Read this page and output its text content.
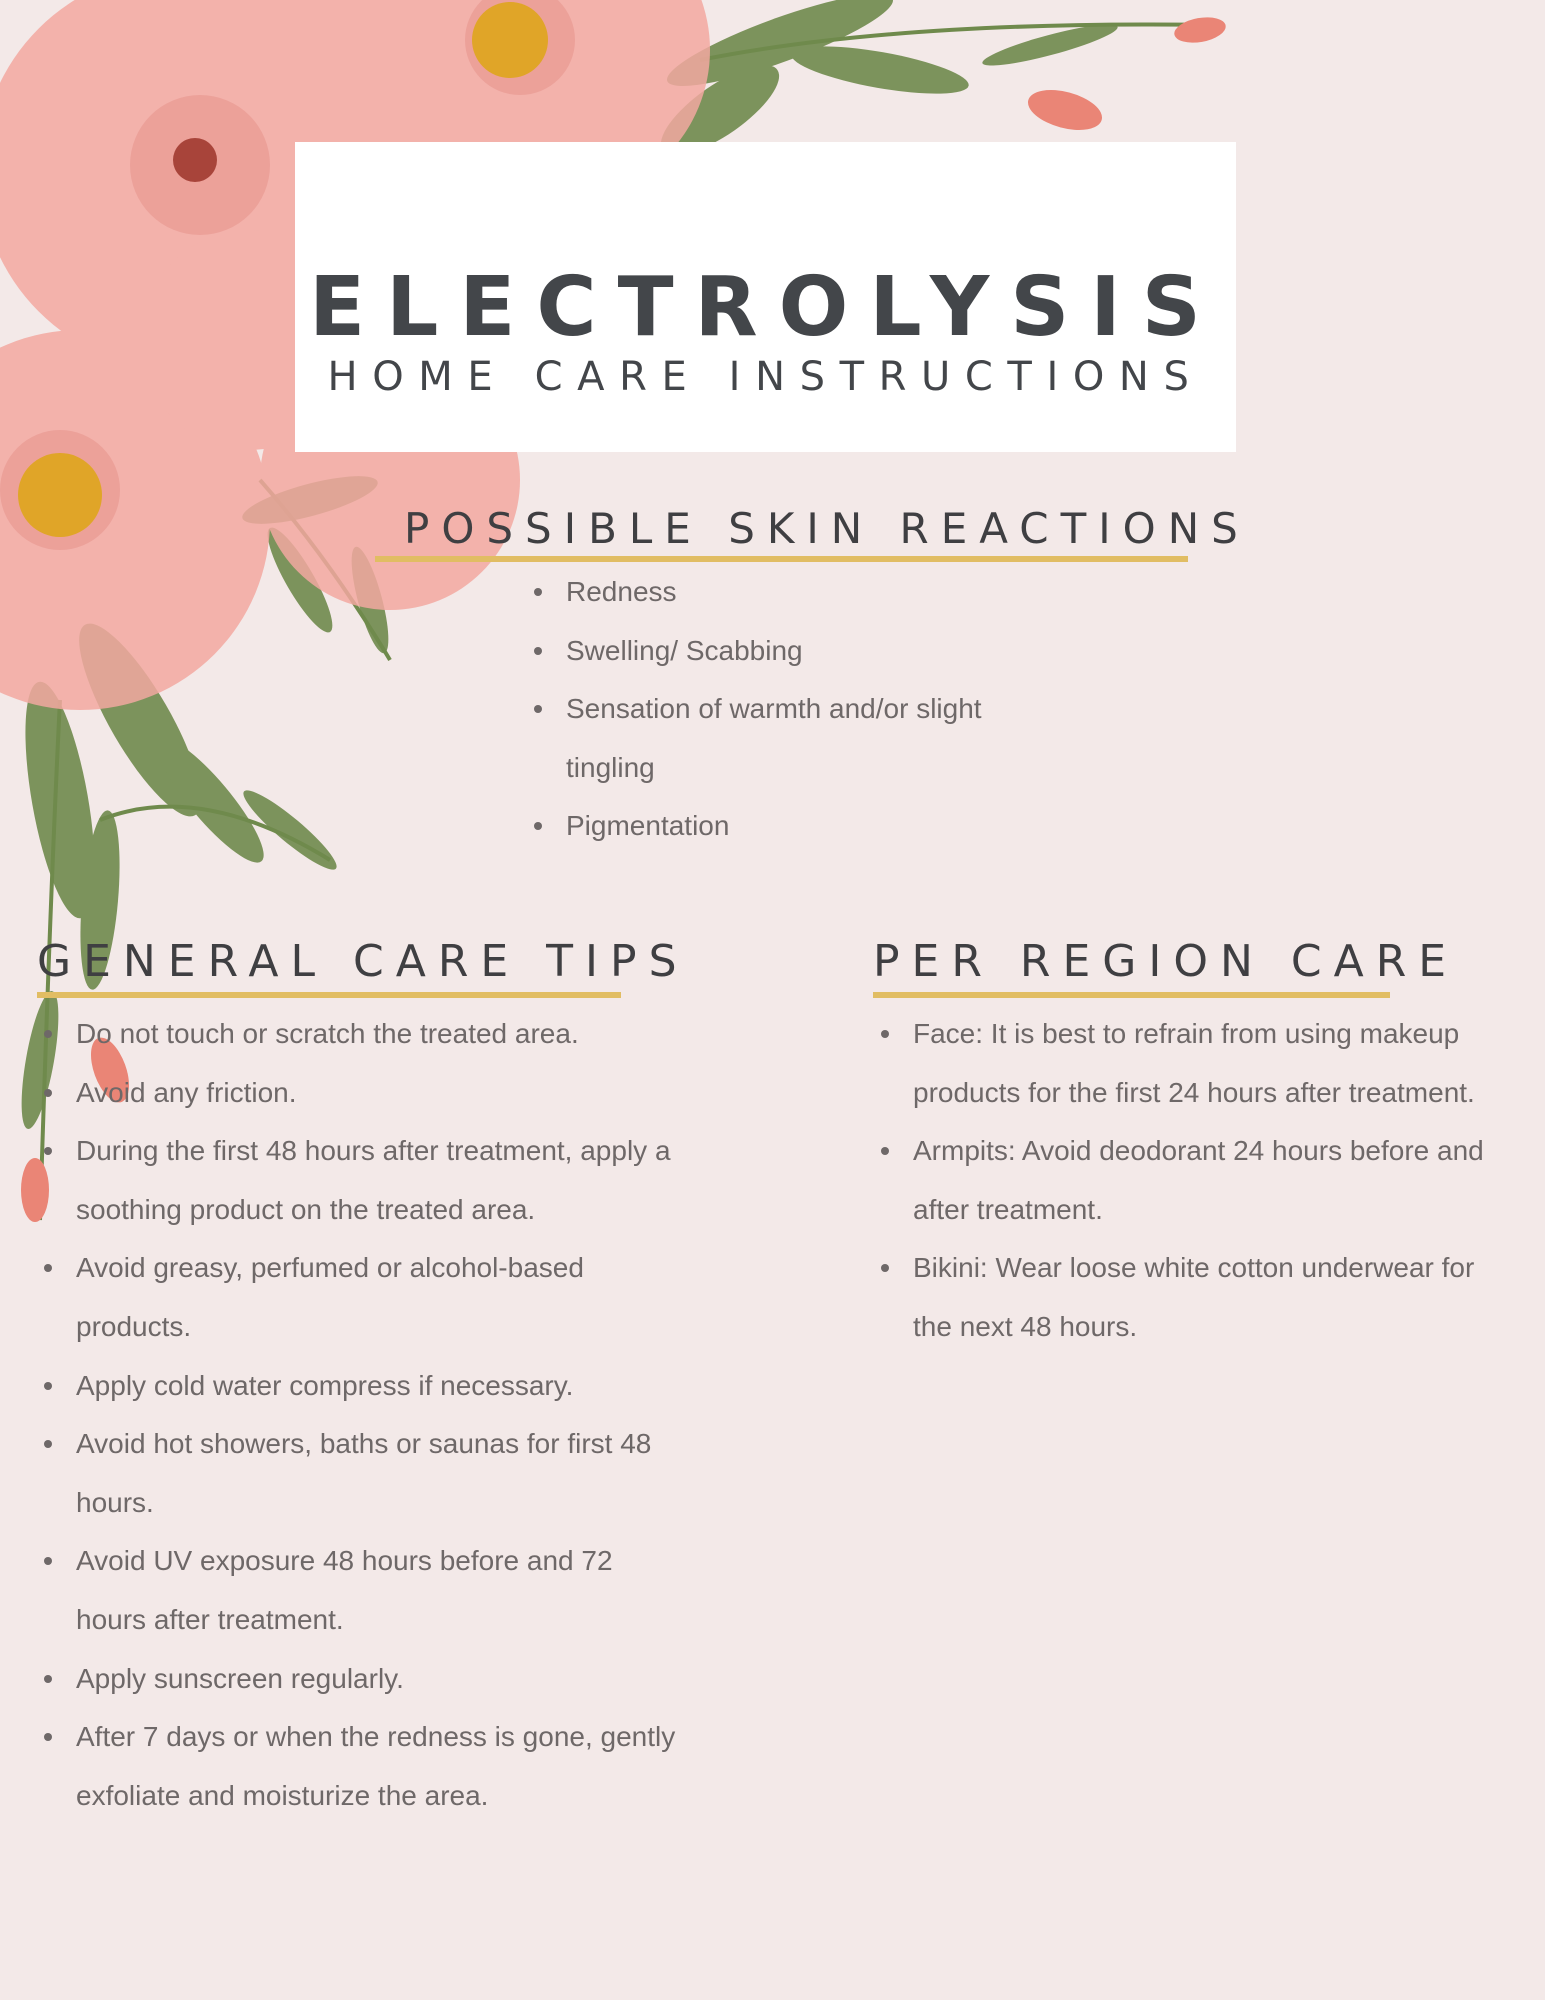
ELECTROLYSIS
HOME CARE INSTRUCTIONS
POSSIBLE SKIN REACTIONS
Redness
Swelling/ Scabbing
Sensation of warmth and/or slight tingling
Pigmentation
GENERAL CARE TIPS
Do not touch or scratch the treated area.
Avoid any friction.
During the first 48 hours after treatment, apply a soothing product on the treated area.
Avoid greasy, perfumed or alcohol-based products.
Apply cold water compress if necessary.
Avoid hot showers, baths or saunas for first 48 hours.
Avoid UV exposure 48 hours before and 72 hours after treatment.
Apply sunscreen regularly.
After 7 days or when the redness is gone, gently exfoliate and moisturize the area.
PER REGION CARE
Face: It is best to refrain from using makeup products for the first 24 hours after treatment.
Armpits: Avoid deodorant 24 hours before and after treatment.
Bikini: Wear loose white cotton underwear for the next 48 hours.
